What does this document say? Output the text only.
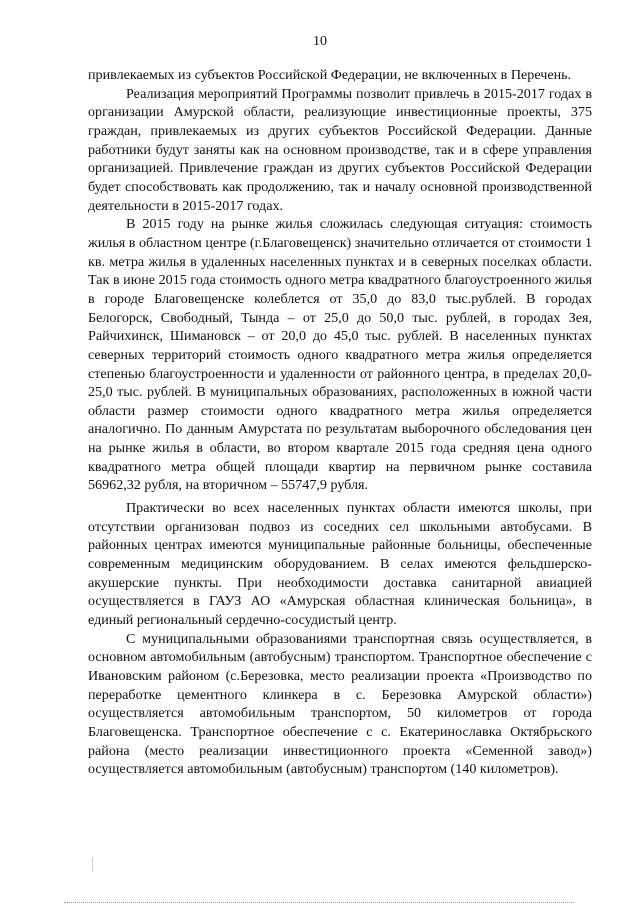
10

привлекаемых из субъектов Российской Федерации, не включенных в Перечень.

Реализация мероприятий Программы позволит привлечь в 2015-2017 годах в организации Амурской области, реализующие инвестиционные проекты, 375 граждан, привлекаемых из других субъектов Российской Федерации. Данные работники будут заняты как на основном производстве, так и в сфере управления организацией. Привлечение граждан из других субъектов Российской Федерации будет способствовать как продолжению, так и началу основной производственной деятельности в 2015-2017 годах.

В 2015 году на рынке жилья сложилась следующая ситуация: стоимость жилья в областном центре (г.Благовещенск) значительно отличается от стоимости 1 кв. метра жилья в удаленных населенных пунктах и в северных поселках области. Так в июне 2015 года стоимость одного метра квадратного благоустроенного жилья в городе Благовещенске колеблется от 35,0 до 83,0 тыс.рублей. В городах Белогорск, Свободный, Тында – от 25,0 до 50,0 тыс. рублей, в городах Зея, Райчихинск, Шимановск – от 20,0 до 45,0 тыс. рублей. В населенных пунктах северных территорий стоимость одного квадратного метра жилья определяется степенью благоустроенности и удаленности от районного центра, в пределах 20,0-25,0 тыс. рублей. В муниципальных образованиях, расположенных в южной части области размер стоимости одного квадратного метра жилья определяется аналогично. По данным Амурстата по результатам выборочного обследования цен на рынке жилья в области, во втором квартале 2015 года средняя цена одного квадратного метра общей площади квартир на первичном рынке составила 56962,32 рубля, на вторичном – 55747,9 рубля.

Практически во всех населенных пунктах области имеются школы, при отсутствии организован подвоз из соседних сел школьными автобусами. В районных центрах имеются муниципальные районные больницы, обеспеченные современным медицинским оборудованием. В селах имеются фельдшерско-акушерские пункты. При необходимости доставка санитарной авиацией осуществляется в ГАУЗ АО «Амурская областная клиническая больница», в единый региональный сердечно-сосудистый центр.

С муниципальными образованиями транспортная связь осуществляется, в основном автомобильным (автобусным) транспортом. Транспортное обеспечение с Ивановским районом (с.Березовка, место реализации проекта «Производство по переработке цементного клинкера в с. Березовка Амурской области») осуществляется автомобильным транспортом, 50 километров от города Благовещенска. Транспортное обеспечение с с. Екатеринославка Октябрьского района (место реализации инвестиционного проекта «Семенной завод») осуществляется автомобильным (автобусным) транспортом (140 километров).
